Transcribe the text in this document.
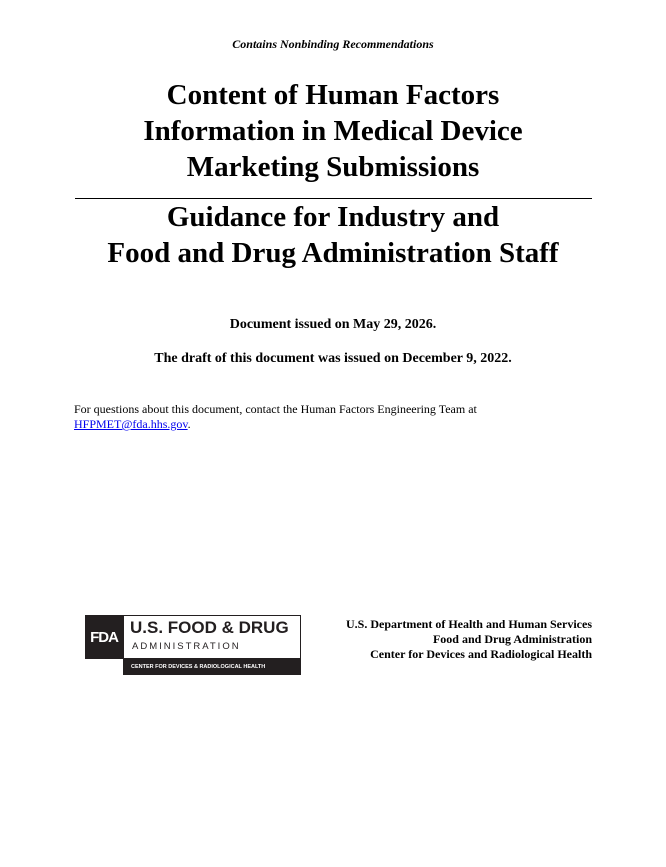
Contains Nonbinding Recommendations
Content of Human Factors
Information in Medical Device
Marketing Submissions
Guidance for Industry and
Food and Drug Administration Staff
Document issued on May 29, 2026.
The draft of this document was issued on December 9, 2022.
For questions about this document, contact the Human Factors Engineering Team at
HFPMET@fda.hhs.gov.
FDA U.S. FOOD & DRUG
ADMINISTRATION
CENTER FOR DEVICES & RADIOLOGICAL HEALTH
U.S. Department of Health and Human Services
Food and Drug Administration
Center for Devices and Radiological Health
